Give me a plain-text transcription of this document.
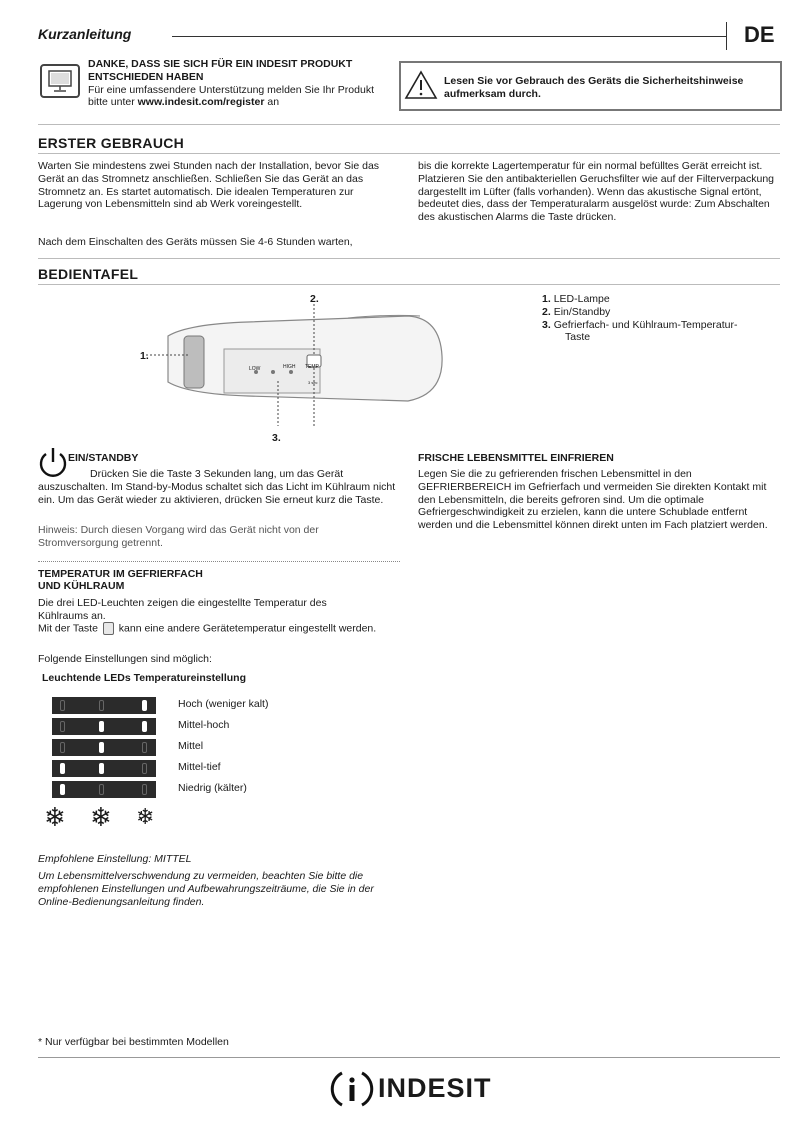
Kurzanleitung	DE
DANKE, DASS SIE SICH FÜR EIN INDESIT PRODUKT ENTSCHIEDEN HABEN
Für eine umfassendere Unterstützung melden Sie Ihr Produkt bitte unter www.indesit.com/register an
Lesen Sie vor Gebrauch des Geräts die Sicherheitshinweise aufmerksam durch.
ERSTER GEBRAUCH
Warten Sie mindestens zwei Stunden nach der Installation, bevor Sie das Gerät an das Stromnetz anschließen. Schließen Sie das Gerät an das Stromnetz an. Es startet automatisch. Die idealen Temperaturen zur Lagerung von Lebensmitteln sind ab Werk voreingestellt.
Nach dem Einschalten des Geräts müssen Sie 4-6 Stunden warten,
bis die korrekte Lagertemperatur für ein normal befülltes Gerät erreicht ist. Platzieren Sie den antibakteriellen Geruchsfilter wie auf der Filterverpackung dargestellt im Lüfter (falls vorhanden). Wenn das akustische Signal ertönt, bedeutet dies, dass der Temperaturalarm ausgelöst wurde: Zum Abschalten des akustischen Alarms die Taste drücken.
BEDIENTAFEL
1.
2.
3.
LOW	HIGH TEMP
3 sec
1. LED-Lampe
2. Ein/Standby
3. Gefrierfach- und Kühlraum-Temperatur-
Taste
EIN/STANDBY
Drücken Sie die Taste 3 Sekunden lang, um das Gerät
auszuschalten. Im Stand-by-Modus schaltet sich das Licht im Kühlraum nicht ein. Um das Gerät wieder zu aktivieren, drücken Sie erneut kurz die Taste.
Hinweis: Durch diesen Vorgang wird das Gerät nicht von der Stromversorgung getrennt.
TEMPERATUR IM GEFRIERFACH
UND KÜHLRAUM
Die drei LED-Leuchten zeigen die eingestellte Temperatur des Kühlraums an.
Mit der Taste kann eine andere Gerätetemperatur eingestellt werden.
Folgende Einstellungen sind möglich:
Leuchtende LEDs Temperatureinstellung
Hoch (weniger kalt)
Mittel-hoch
Mittel
Mittel-tief
Niedrig (kälter)
❄ ❄ ❄
Empfohlene Einstellung: MITTEL
Um Lebensmittelverschwendung zu vermeiden, beachten Sie bitte die empfohlenen Einstellungen und Aufbewahrungszeiträume, die Sie in der Online-Bedienungsanleitung finden.
FRISCHE LEBENSMITTEL EINFRIEREN
Legen Sie die zu gefrierenden frischen Lebensmittel in den GEFRIERBEREICH im Gefrierfach und vermeiden Sie direkten Kontakt mit den Lebensmitteln, die bereits gefroren sind. Um die optimale Gefriergeschwindigkeit zu erzielen, kann die untere Schublade entfernt werden und die Lebensmittel können direkt unten im Fach platziert werden.
* Nur verfügbar bei bestimmten Modellen
INDESIT
